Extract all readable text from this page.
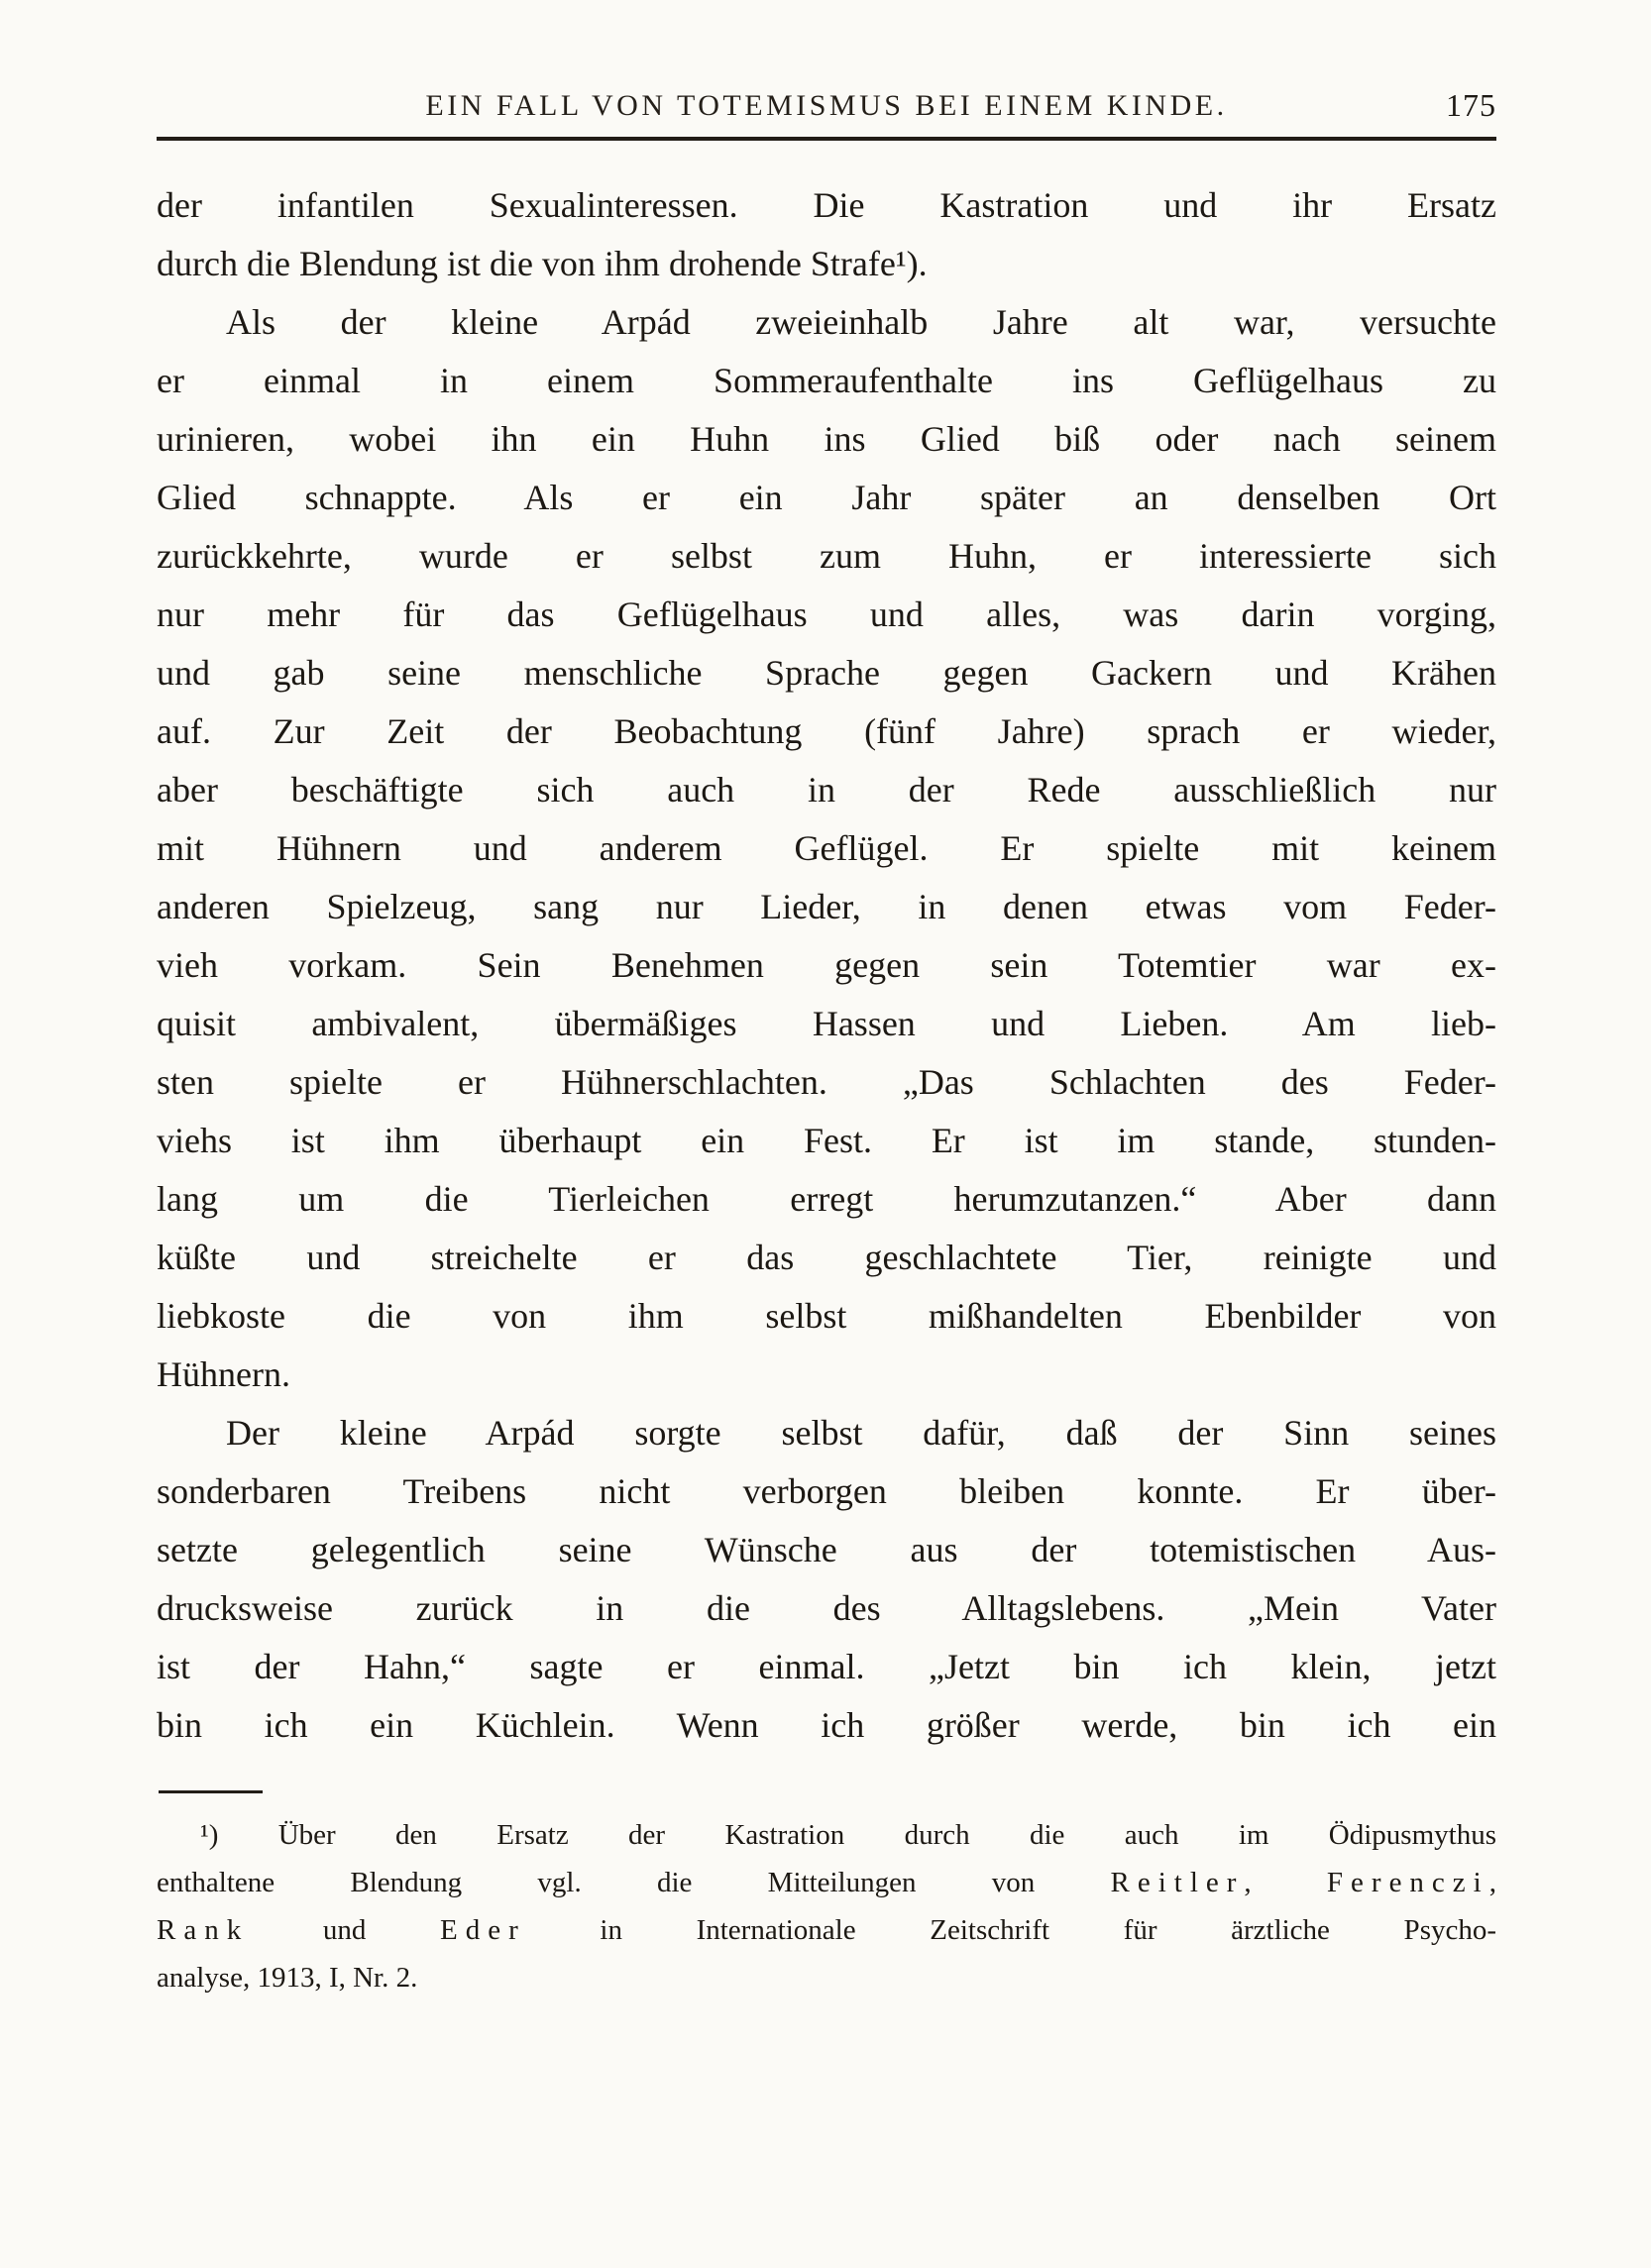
EIN FALL VON TOTEMISMUS BEI EINEM KINDE.	175
der infantilen Sexualinteressen. Die Kastration und ihr Ersatz
durch die Blendung ist die von ihm drohende Strafe¹).
Als der kleine Arpád zweieinhalb Jahre alt war, versuchte
er einmal in einem Sommeraufenthalte ins Geflügelhaus zu
urinieren, wobei ihn ein Huhn ins Glied biß oder nach seinem
Glied schnappte. Als er ein Jahr später an denselben Ort
zurückkehrte, wurde er selbst zum Huhn, er interessierte sich
nur mehr für das Geflügelhaus und alles, was darin vorging,
und gab seine menschliche Sprache gegen Gackern und Krähen
auf. Zur Zeit der Beobachtung (fünf Jahre) sprach er wieder,
aber beschäftigte sich auch in der Rede ausschließlich nur
mit Hühnern und anderem Geflügel. Er spielte mit keinem
anderen Spielzeug, sang nur Lieder, in denen etwas vom Feder-
vieh vorkam. Sein Benehmen gegen sein Totemtier war ex-
quisit ambivalent, übermäßiges Hassen und Lieben. Am lieb-
sten spielte er Hühnerschlachten. „Das Schlachten des Feder-
viehs ist ihm überhaupt ein Fest. Er ist im stande, stunden-
lang um die Tierleichen erregt herumzutanzen.“ Aber dann
küßte und streichelte er das geschlachtete Tier, reinigte und
liebkoste die von ihm selbst mißhandelten Ebenbilder von
Hühnern.
Der kleine Arpád sorgte selbst dafür, daß der Sinn seines
sonderbaren Treibens nicht verborgen bleiben konnte. Er über-
setzte gelegentlich seine Wünsche aus der totemistischen Aus-
drucksweise zurück in die des Alltagslebens. „Mein Vater
ist der Hahn,“ sagte er einmal. „Jetzt bin ich klein, jetzt
bin ich ein Küchlein. Wenn ich größer werde, bin ich ein
¹) Über den Ersatz der Kastration durch die auch im Ödipusmythus
enthaltene Blendung vgl. die Mitteilungen von Reitler, Ferenczi,
Rank und Eder in Internationale Zeitschrift für ärztliche Psycho-
analyse, 1913, I, Nr. 2.
